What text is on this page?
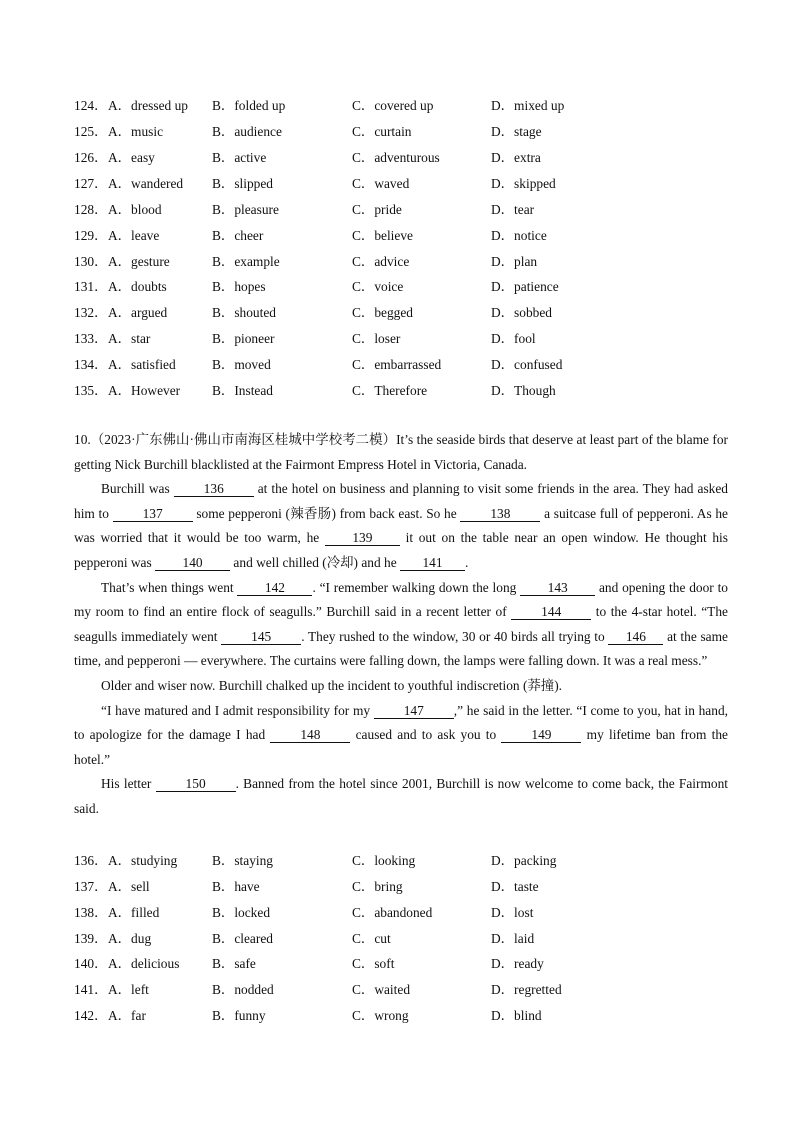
124． A．dressed up B．folded up	C．covered up	D．mixed up
125． A．music	B．audience	C．curtain	D．stage
126． A．easy	B．active	C．adventurous	D．extra
127． A．wandered B．slipped	C．waved	D．skipped
128． A．blood	B．pleasure	C．pride	D．tear
129． A．leave	B．cheer	C．believe	D．notice
130． A．gesture	B．example	C．advice	D．plan
131． A．doubts	B．hopes	C．voice	D．patience
132． A．argued	B．shouted	C．begged	D．sobbed
133． A．star	B．pioneer	C．loser	D．fool
134． A．satisfied	B．moved	C．embarrassed	D．confused
135． A．However B．Instead	C．Therefore	D．Though

10.（2023·广东佛山·佛山市南海区桂城中学校考二模）It’s the seaside birds that deserve at least part of the blame for getting Nick Burchill blacklisted at the Fairmont Empress Hotel in Victoria, Canada.

Burchill was 136 at the hotel on business and planning to visit some friends in the area. They had asked him to 137 some pepperoni (辣香肠) from back east. So he 138 a suitcase full of pepperoni. As he was worried that it would be too warm, he 139 it out on the table near an open window. He thought his pepperoni was 140 and well chilled (冷却) and he 141 .

That’s when things went 142 . “I remember walking down the long 143 and opening the door to my room to find an entire flock of seagulls.” Burchill said in a recent letter of 144 to the 4-star hotel. “The seagulls immediately went 145 . They rushed to the window, 30 or 40 birds all trying to 146 at the same time, and pepperoni — everywhere. The curtains were falling down, the lamps were falling down. It was a real mess.”

Older and wiser now. Burchill chalked up the incident to youthful indiscretion (莽撞).

“I have matured and I admit responsibility for my 147 ,” he said in the letter. “I come to you, hat in hand, to apologize for the damage I had 148 caused and to ask you to 149 my lifetime ban from the hotel.”

His letter 150 . Banned from the hotel since 2001, Burchill is now welcome to come back, the Fairmont said.

136． A．studying	B．staying	C．looking	D．packing
137． A．sell	B．have	C．bring	D．taste
138． A．filled	B．locked	C．abandoned	D．lost
139． A．dug	B．cleared	C．cut	D．laid
140． A．delicious B．safe	C．soft	D．ready
141． A．left	B．nodded	C．waited	D．regretted
142． A．far	B．funny	C．wrong	D．blind
